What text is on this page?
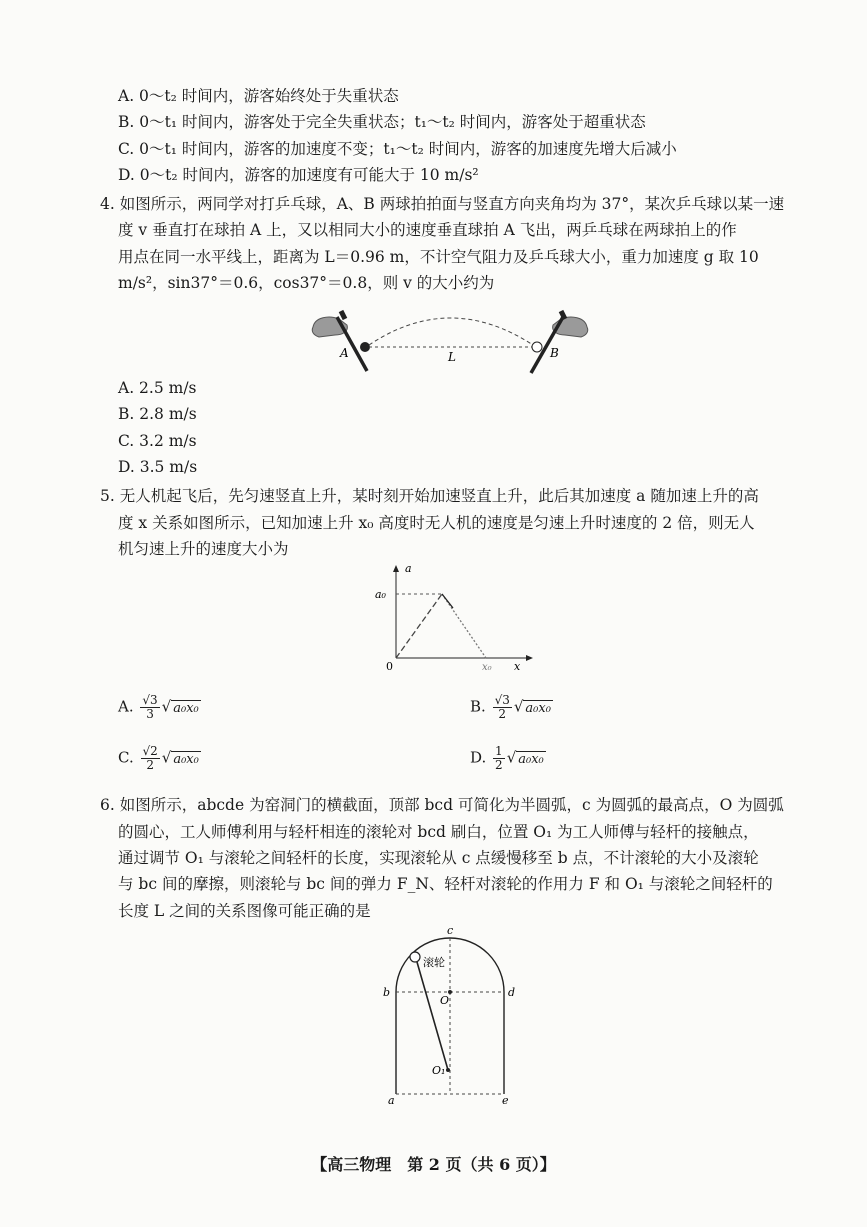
A. 0～t₂ 时间内，游客始终处于失重状态
B. 0～t₁ 时间内，游客处于完全失重状态；t₁～t₂ 时间内，游客处于超重状态
C. 0～t₁ 时间内，游客的加速度不变；t₁～t₂ 时间内，游客的加速度先增大后减小
D. 0～t₂ 时间内，游客的加速度有可能大于 10 m/s²
4. 如图所示，两同学对打乒乓球，A、B 两球拍拍面与竖直方向夹角均为 37°，某次乒乓球以某一速
度 v 垂直打在球拍 A 上，又以相同大小的速度垂直球拍 A 飞出，两乒乓球在两球拍上的作
用点在同一水平线上，距离为 L＝0.96 m，不计空气阻力及乒乓球大小，重力加速度 g 取 10
m/s²，sin37°＝0.6，cos37°＝0.8，则 v 的大小约为
A	L	B
A. 2.5 m/s
B. 2.8 m/s
C. 3.2 m/s
D. 3.5 m/s
5. 无人机起飞后，先匀速竖直上升，某时刻开始加速竖直上升，此后其加速度 a 随加速上升的高
度 x 关系如图所示，已知加速上升 x₀ 高度时无人机的速度是匀速上升时速度的 2 倍，则无人
机匀速上升的速度大小为
a
a₀
0	x₀ x
A. $\frac{√3}{3}$ √ a₀x₀	B. $\frac{√3}{2}$ √ a₀x₀
C. $\frac{√2}{2}$ √ a₀x₀	D. $\frac{1}{2}$ √ a₀x₀
6. 如图所示，abcde 为窑洞门的横截面，顶部 bcd 可简化为半圆弧，c 为圆弧的最高点，O 为圆弧
的圆心，工人师傅利用与轻杆相连的滚轮对 bcd 刷白，位置 O₁ 为工人师傅与轻杆的接触点，
通过调节 O₁ 与滚轮之间轻杆的长度，实现滚轮从 c 点缓慢移至 b 点，不计滚轮的大小及滚轮
与 bc 间的摩擦，则滚轮与 bc 间的弹力 F_N、轻杆对滚轮的作用力 F 和 O₁ 与滚轮之间轻杆的
长度 L 之间的关系图像可能正确的是
c
b	d
O
O₁
a	e
滚轮
【高三物理　第 2 页（共 6 页）】
